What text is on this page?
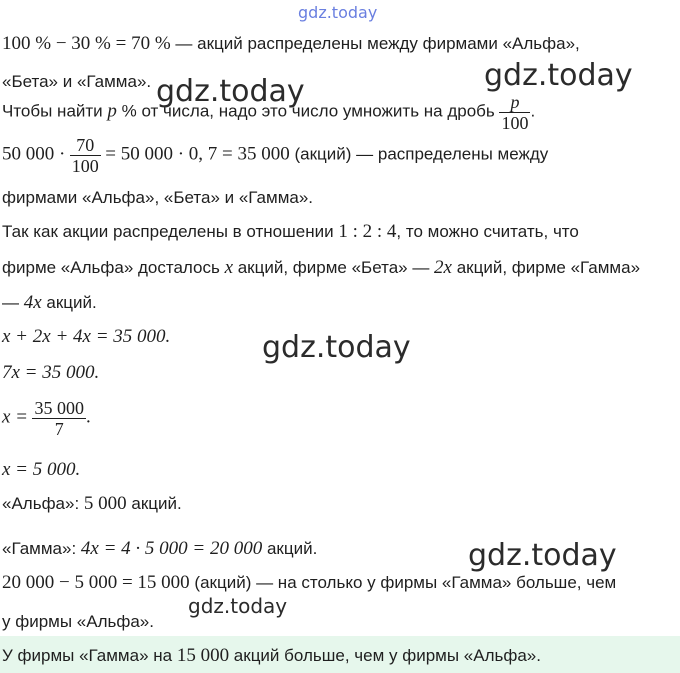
gdz.today
gdz.today	gdz.today
gdz.today
gdz.today
gdz.today
100 % − 30 % = 70 % — акций распределены между фирмами «Альфа»,
«Бета» и «Гамма».
Чтобы найти p % от числа, надо это число умножить на дробь $\frac{p}{100}$ .
50 $000 \cdot \frac{70}{100} = 50$ 000 · 0, 7 = 35 000 (акций) — распределены между
фирмами «Альфа», «Бета» и «Гамма».
Так как акции распределены в отношении 1 : 2 : 4, то можно считать, что
фирме «Альфа» досталось x акций, фирме «Бета» — 2x акций, фирме «Гамма»
— 4x акций.
x + 2x + 4x = 35 000.
7x = 35 000.
$x = \frac{35 000}{7}$ .
x = 5 000.
«Альфа»: 5 000 акций.
«Гамма»: 4x = 4 · 5 000 = 20 000 акций.
20 000 − 5 000 = 15 000 (акций) — на столько у фирмы «Гамма» больше, чем
у фирмы «Альфа».
У фирмы «Гамма» на 15 000 акций больше, чем у фирмы «Альфа».
